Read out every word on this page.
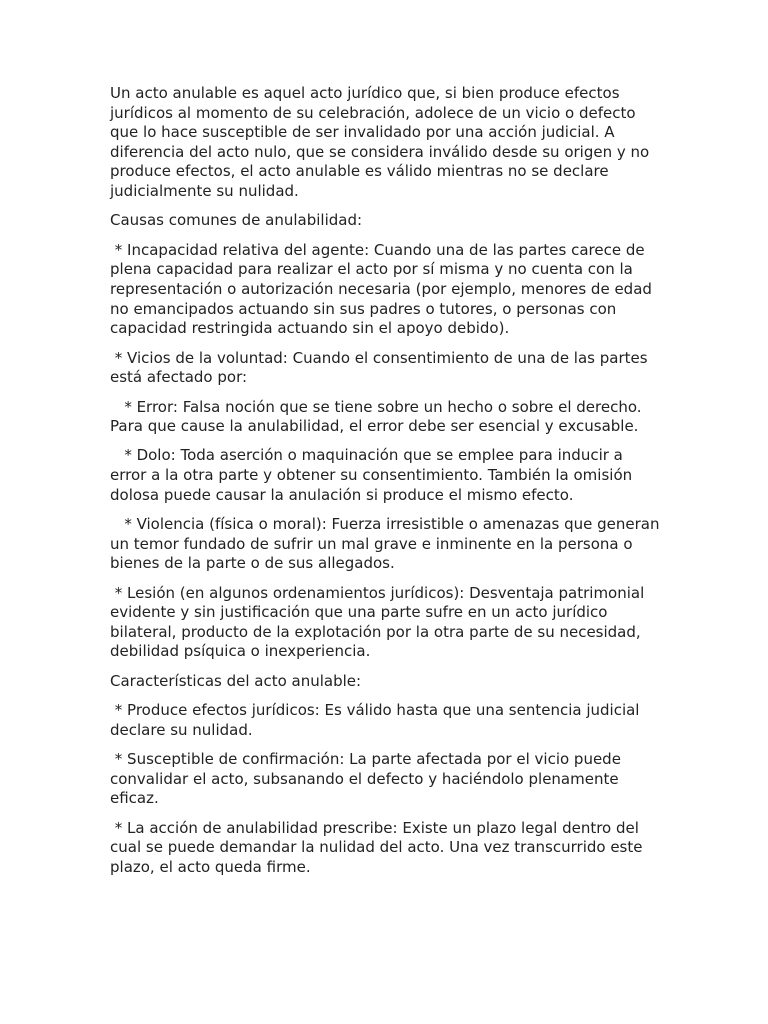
Un acto anulable es aquel acto jurídico que, si bien produce efectos jurídicos al momento de su celebración, adolece de un vicio o defecto que lo hace susceptible de ser invalidado por una acción judicial. A diferencia del acto nulo, que se considera inválido desde su origen y no produce efectos, el acto anulable es válido mientras no se declare judicialmente su nulidad.

Causas comunes de anulabilidad:

* Incapacidad relativa del agente: Cuando una de las partes carece de plena capacidad para realizar el acto por sí misma y no cuenta con la representación o autorización necesaria (por ejemplo, menores de edad no emancipados actuando sin sus padres o tutores, o personas con capacidad restringida actuando sin el apoyo debido).

* Vicios de la voluntad: Cuando el consentimiento de una de las partes está afectado por:

* Error: Falsa noción que se tiene sobre un hecho o sobre el derecho. Para que cause la anulabilidad, el error debe ser esencial y excusable.

* Dolo: Toda aserción o maquinación que se emplee para inducir a error a la otra parte y obtener su consentimiento. También la omisión dolosa puede causar la anulación si produce el mismo efecto.

* Violencia (física o moral): Fuerza irresistible o amenazas que generan un temor fundado de sufrir un mal grave e inminente en la persona o bienes de la parte o de sus allegados.

* Lesión (en algunos ordenamientos jurídicos): Desventaja patrimonial evidente y sin justificación que una parte sufre en un acto jurídico bilateral, producto de la explotación por la otra parte de su necesidad, debilidad psíquica o inexperiencia.

Características del acto anulable:

* Produce efectos jurídicos: Es válido hasta que una sentencia judicial declare su nulidad.

* Susceptible de confirmación: La parte afectada por el vicio puede convalidar el acto, subsanando el defecto y haciéndolo plenamente eficaz.

* La acción de anulabilidad prescribe: Existe un plazo legal dentro del cual se puede demandar la nulidad del acto. Una vez transcurrido este plazo, el acto queda firme.
